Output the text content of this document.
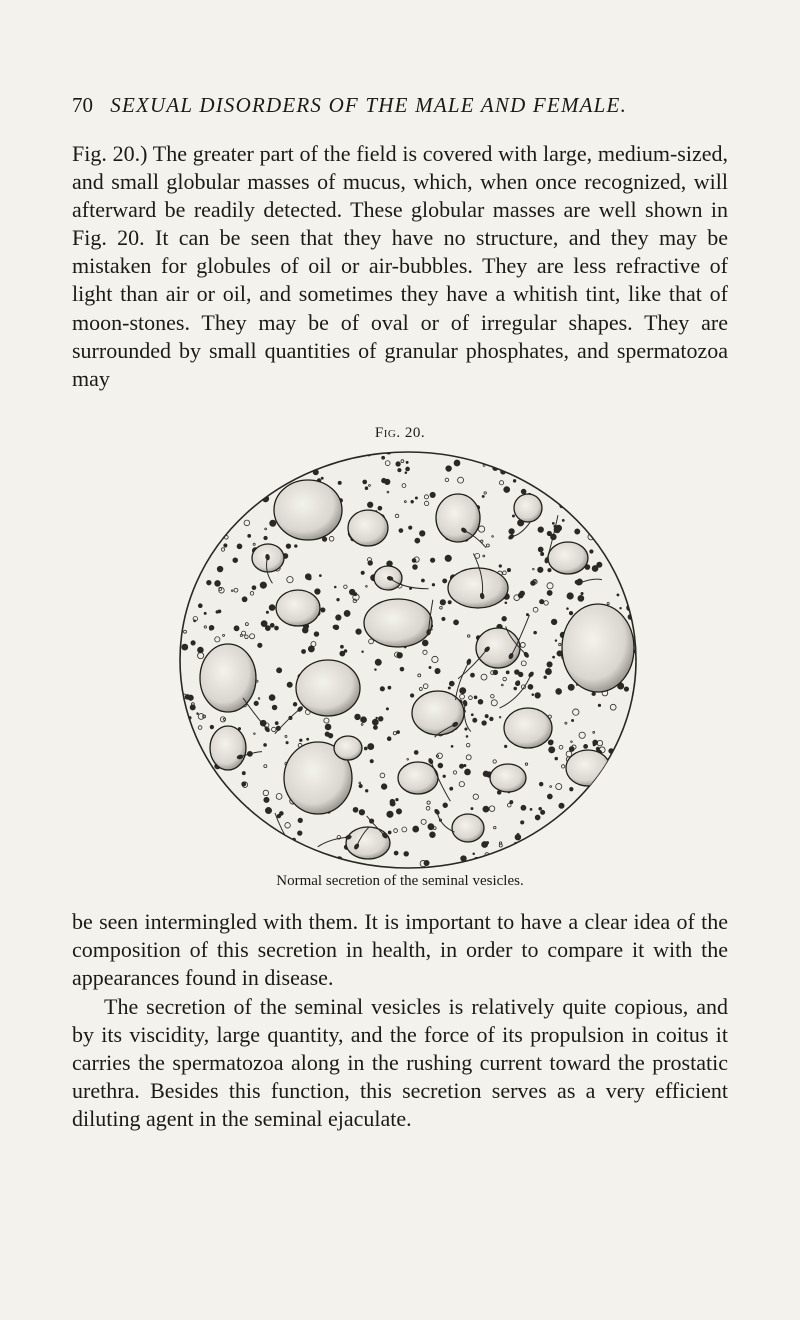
70 SEXUAL DISORDERS OF THE MALE AND FEMALE.
Fig. 20.) The greater part of the field is covered with large, medium-sized, and small globular masses of mucus, which, when once recognized, will afterward be readily detected. These globular masses are well shown in Fig. 20. It can be seen that they have no structure, and they may be mistaken for globules of oil or air-bubbles. They are less refractive of light than air or oil, and sometimes they have a whitish tint, like that of moon-stones. They may be of oval or of irregular shapes. They are surrounded by small quantities of granular phosphates, and spermatozoa may
Fig. 20.
Normal secretion of the seminal vesicles.
be seen intermingled with them. It is important to have a clear idea of the composition of this secretion in health, in order to compare it with the appearances found in disease.
The secretion of the seminal vesicles is relatively quite copious, and by its viscidity, large quantity, and the force of its propulsion in coitus it carries the spermatozoa along in the rushing current toward the prostatic urethra. Besides this function, this secretion serves as a very efficient diluting agent in the seminal ejaculate.
